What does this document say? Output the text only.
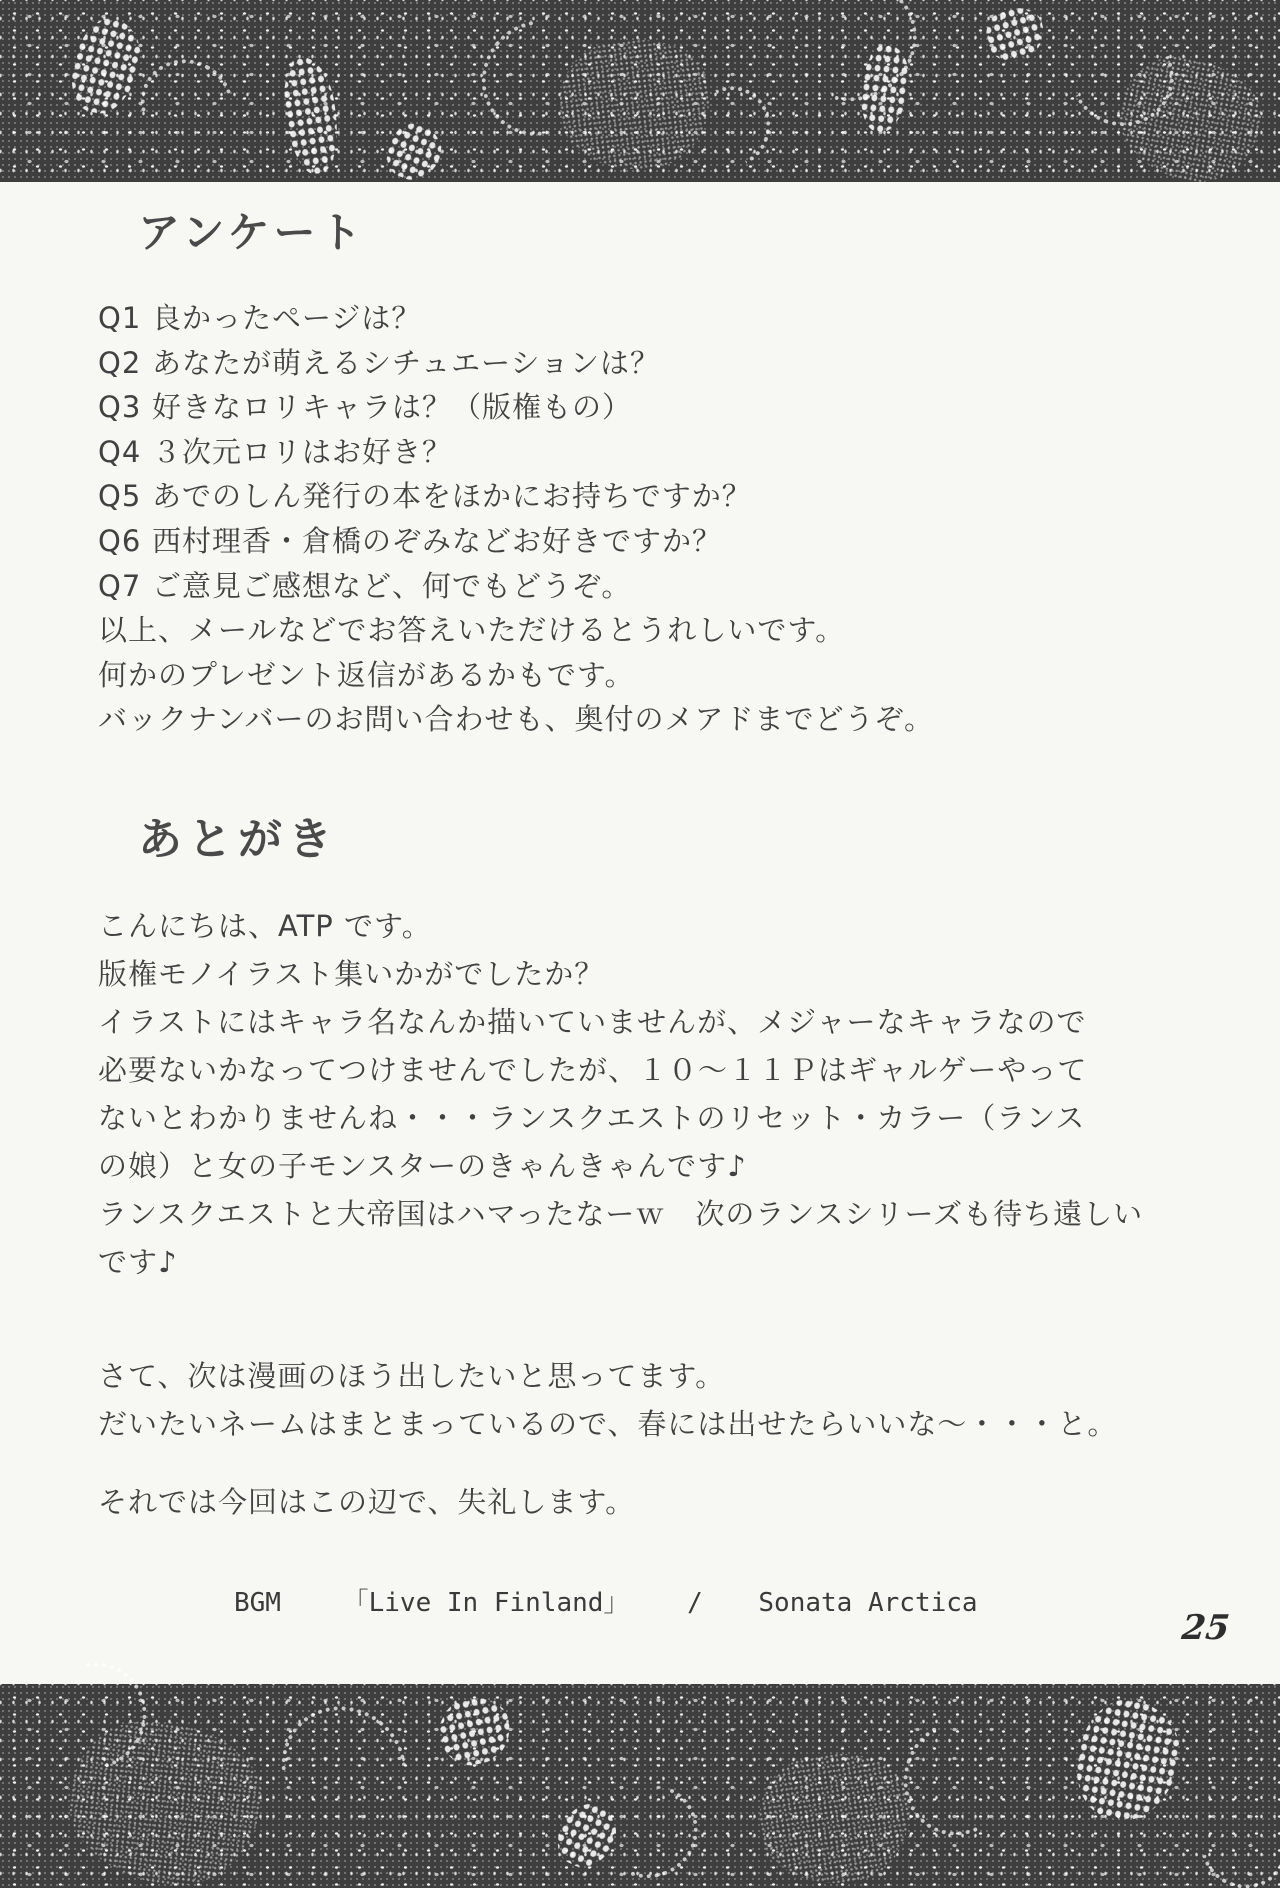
アンケート
Q1 良かったページは？
Q2 あなたが萌えるシチュエーションは？
Q3 好きなロリキャラは？（版権もの）
Q4 ３次元ロリはお好き？
Q5 あでのしん発行の本をほかにお持ちですか？
Q6 西村理香・倉橋のぞみなどお好きですか？
Q7 ご意見ご感想など、何でもどうぞ。
以上、メールなどでお答えいただけるとうれしいです。
何かのプレゼント返信があるかもです。
バックナンバーのお問い合わせも、奥付のメアドまでどうぞ。
あとがき
こんにちは、ATP です。
版権モノイラスト集いかがでしたか？
イラストにはキャラ名なんか描いていませんが、メジャーなキャラなので
必要ないかなってつけませんでしたが、１０～１１Ｐはギャルゲーやって
ないとわかりませんね・・・ランスクエストのリセット・カラー（ランス
の娘）と女の子モンスターのきゃんきゃんです♪
ランスクエストと大帝国はハマったなーｗ　次のランスシリーズも待ち遠しい
です♪
さて、次は漫画のほう出したいと思ってます。
だいたいネームはまとまっているので、春には出せたらいいな～・・・と。
それでは今回はこの辺で、失礼します。
BGM 「Live In Finland」 / Sonata Arctica
25
